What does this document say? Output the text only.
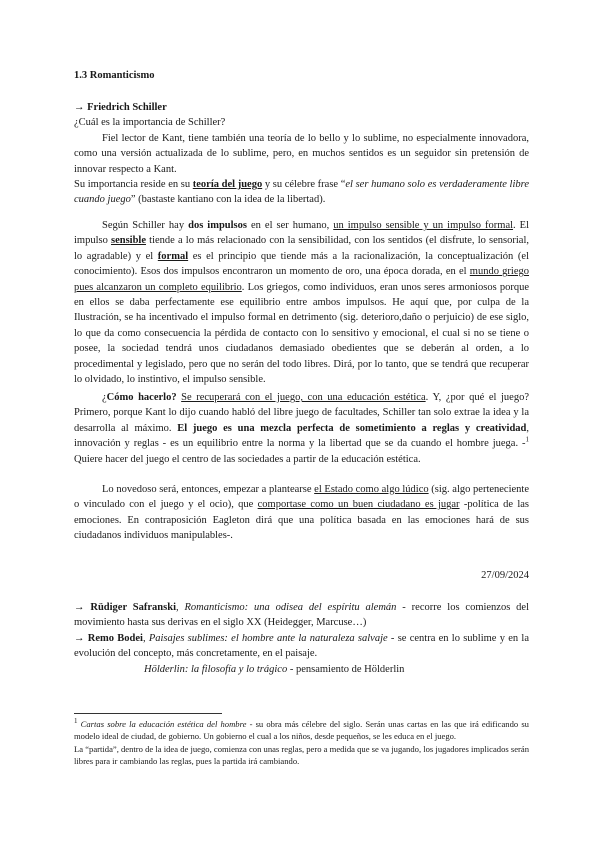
1.3 Romanticismo

→ Friedrich Schiller

¿Cuál es la importancia de Schiller?

Fiel lector de Kant, tiene también una teoría de lo bello y lo sublime, no especialmente innovadora, como una versión actualizada de lo sublime, pero, en muchos sentidos es un seguidor sin pretensión de innovar respecto a Kant.

Su importancia reside en su teoría del juego y su célebre frase “el ser humano solo es verdaderamente libre cuando juego” (bastaste kantiano con la idea de la libertad).

Según Schiller hay dos impulsos en el ser humano, un impulso sensible y un impulso formal. El impulso sensible tiende a lo más relacionado con la sensibilidad, con los sentidos (el disfrute, lo sensorial, lo agradable) y el formal es el principio que tiende más a la racionalización, la conceptualización (el conocimiento). Esos dos impulsos encontraron un momento de oro, una época dorada, en el mundo griego pues alcanzaron un completo equilibrio. Los griegos, como individuos, eran unos seres armoniosos porque en ellos se daba perfectamente ese equilibrio entre ambos impulsos. He aquí que, por culpa de la Ilustración, se ha incentivado el impulso formal en detrimento (sig. deterioro,daño o perjuicio) de ese siglo, lo que da como consecuencia la pérdida de contacto con lo sensitivo y emocional, el cual si no se tiene o posee, la sociedad tendrá unos ciudadanos demasiado obedientes que se deberán al orden, a lo procedimental y legislado, pero que no serán del todo libres. Dirá, por lo tanto, que se tendrá que recuperar lo olvidado, lo instintivo, el impulso sensible.

¿Cómo hacerlo? Se recuperará con el juego, con una educación estética. Y, ¿por qué el juego? Primero, porque Kant lo dijo cuando habló del libre juego de facultades, Schiller tan solo extrae la idea y la desarrolla al máximo. El juego es una mezcla perfecta de sometimiento a reglas y creatividad, innovación y reglas - es un equilibrio entre la norma y la libertad que se da cuando el hombre juega. -$^1$ Quiere hacer del juego el centro de las sociedades a partir de la educación estética.

Lo novedoso será, entonces, empezar a plantearse el Estado como algo lúdico (sig. algo perteneciente o vinculado con el juego y el ocio), que comportase como un buen ciudadano es jugar -política de las emociones. En contraposición Eagleton dirá que una política basada en las emociones hará de sus ciudadanos individuos manipulables-.

27/09/2024

→ Rüdiger Safranski, Romanticismo: una odisea del espíritu alemán - recorre los comienzos del movimiento hasta sus derivas en el siglo XX (Heidegger, Marcuse…)

→ Remo Bodei, Paisajes sublimes: el hombre ante la naturaleza salvaje - se centra en lo sublime y en la evolución del concepto, más concretamente, en el paisaje.

Hölderlin: la filosofía y lo trágico - pensamiento de Hölderlin

$^1$ Cartas sobre la educación estética del hombre - su obra más célebre del siglo. Serán unas cartas en las que irá edificando su modelo ideal de ciudad, de gobierno. Un gobierno el cual a los niños, desde pequeños, se les educa en el juego.

La “partida”, dentro de la idea de juego, comienza con unas reglas, pero a medida que se va jugando, los jugadores implicados serán libres para ir cambiando las reglas, pues la partida irá cambiando.
